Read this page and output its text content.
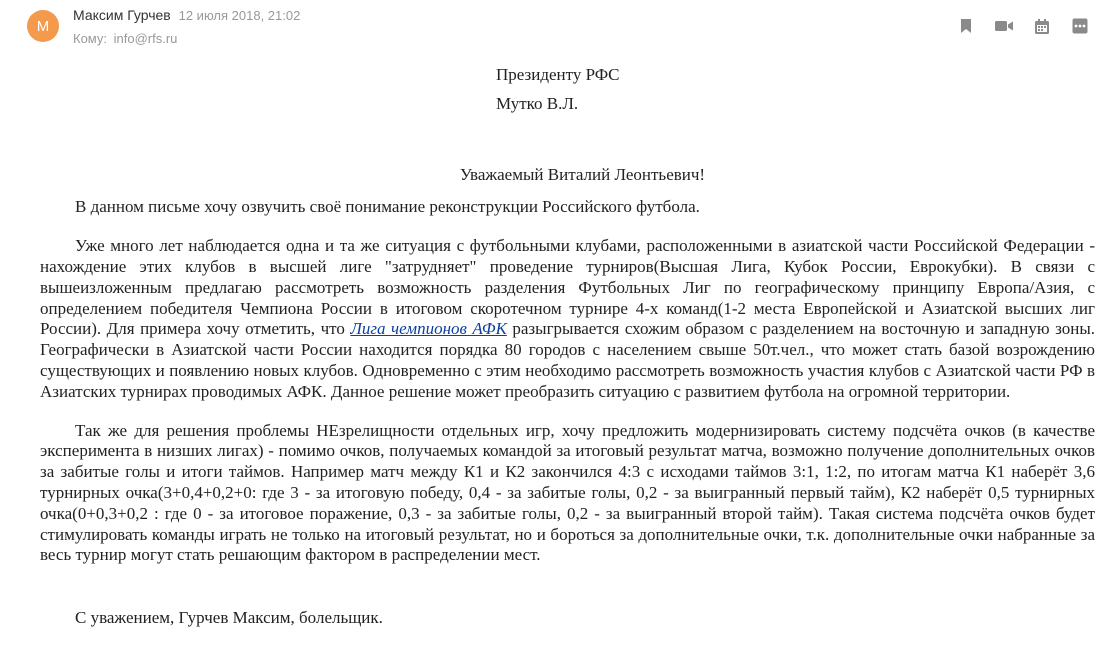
М
Максим Гурчев 12 июля 2018, 21:02
Кому: info@rfs.ru
Президенту РФС
Мутко В.Л.
Уважаемый Виталий Леонтьевич!
В данном письме хочу озвучить своё понимание реконструкции Российского футбола.
Уже много лет наблюдается одна и та же ситуация с футбольными клубами, расположенными в азиатской части Российской Федерации - нахождение этих клубов в высшей лиге "затрудняет" проведение турниров(Высшая Лига, Кубок России, Еврокубки). В связи с вышеизложенным предлагаю рассмотреть возможность разделения Футбольных Лиг по географическому принципу Европа/Азия, с определением победителя Чемпиона России в итоговом скоротечном турнире 4-х команд(1-2 места Европейской и Азиатской высших лиг России). Для примера хочу отметить, что Лига чемпионов АФК разыгрывается схожим образом с разделением на восточную и западную зоны. Географически в Азиатской части России находится порядка 80 городов с населением свыше 50т.чел., что может стать базой возрождению существующих и появлению новых клубов. Одновременно с этим необходимо рассмотреть возможность участия клубов с Азиатской части РФ в Азиатских турнирах проводимых АФК. Данное решение может преобразить ситуацию с развитием футбола на огромной территории.
Так же для решения проблемы НЕзрелищности отдельных игр, хочу предложить модернизировать систему подсчёта очков (в качестве эксперимента в низших лигах) - помимо очков, получаемых командой за итоговый результат матча, возможно получение дополнительных очков за забитые голы и итоги таймов. Например матч между К1 и К2 закончился 4:3 с исходами таймов 3:1, 1:2, по итогам матча К1 наберёт 3,6 турнирных очка(3+0,4+0,2+0: где 3 - за итоговую победу, 0,4 - за забитые голы, 0,2 - за выигранный первый тайм), К2 наберёт 0,5 турнирных очка(0+0,3+0,2 : где 0 - за итоговое поражение, 0,3 - за забитые голы, 0,2 - за выигранный второй тайм). Такая система подсчёта очков будет стимулировать команды играть не только на итоговый результат, но и бороться за дополнительные очки, т.к. дополнительные очки набранные за весь турнир могут стать решающим фактором в распределении мест.
С уважением, Гурчев Максим, болельщик.
